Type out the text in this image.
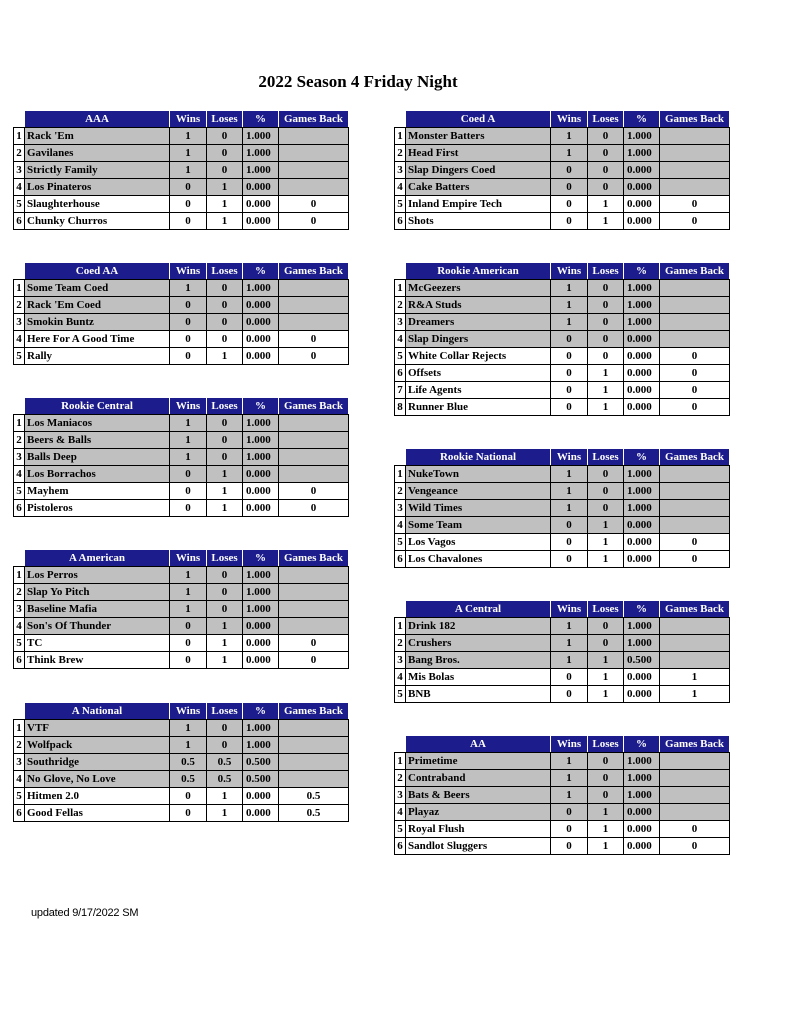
2022 Season 4 Friday Night
	AAA	Wins	Loses	%	Games Back
1	Rack 'Em	1	0	1.000	
2	Gavilanes	1	0	1.000	
3	Strictly Family	1	0	1.000	
4	Los Pinateros	0	1	0.000	
5	Slaughterhouse	0	1	0.000	0
6	Chunky Churros	0	1	0.000	0
	Coed AA	Wins	Loses	%	Games Back
1	Some Team Coed	1	0	1.000	
2	Rack 'Em Coed	0	0	0.000	
3	Smokin Buntz	0	0	0.000	
4	Here For A Good Time	0	0	0.000	0
5	Rally	0	1	0.000	0
	Rookie Central	Wins	Loses	%	Games Back
1	Los Maniacos	1	0	1.000	
2	Beers & Balls	1	0	1.000	
3	Balls Deep	1	0	1.000	
4	Los Borrachos	0	1	0.000	
5	Mayhem	0	1	0.000	0
6	Pistoleros	0	1	0.000	0
	A American	Wins	Loses	%	Games Back
1	Los Perros	1	0	1.000	
2	Slap Yo Pitch	1	0	1.000	
3	Baseline Mafia	1	0	1.000	
4	Son's Of Thunder	0	1	0.000	
5	TC	0	1	0.000	0
6	Think Brew	0	1	0.000	0
	A National	Wins	Loses	%	Games Back
1	VTF	1	0	1.000	
2	Wolfpack	1	0	1.000	
3	Southridge	0.5	0.5	0.500	
4	No Glove, No Love	0.5	0.5	0.500	
5	Hitmen 2.0	0	1	0.000	0.5
6	Good Fellas	0	1	0.000	0.5
	Coed A	Wins	Loses	%	Games Back
1	Monster Batters	1	0	1.000	
2	Head First	1	0	1.000	
3	Slap Dingers Coed	0	0	0.000	
4	Cake Batters	0	0	0.000	
5	Inland Empire Tech	0	1	0.000	0
6	Shots	0	1	0.000	0
	Rookie American	Wins	Loses	%	Games Back
1	McGeezers	1	0	1.000	
2	R&A Studs	1	0	1.000	
3	Dreamers	1	0	1.000	
4	Slap Dingers	0	0	0.000	
5	White Collar Rejects	0	0	0.000	0
6	Offsets	0	1	0.000	0
7	Life Agents	0	1	0.000	0
8	Runner Blue	0	1	0.000	0
	Rookie National	Wins	Loses	%	Games Back
1	NukeTown	1	0	1.000	
2	Vengeance	1	0	1.000	
3	Wild Times	1	0	1.000	
4	Some Team	0	1	0.000	
5	Los Vagos	0	1	0.000	0
6	Los Chavalones	0	1	0.000	0
	A Central	Wins	Loses	%	Games Back
1	Drink 182	1	0	1.000	
2	Crushers	1	0	1.000	
3	Bang Bros.	1	1	0.500	
4	Mis Bolas	0	1	0.000	1
5	BNB	0	1	0.000	1
	AA	Wins	Loses	%	Games Back
1	Primetime	1	0	1.000	
2	Contraband	1	0	1.000	
3	Bats & Beers	1	0	1.000	
4	Playaz	0	1	0.000	
5	Royal Flush	0	1	0.000	0
6	Sandlot Sluggers	0	1	0.000	0
updated 9/17/2022 SM
